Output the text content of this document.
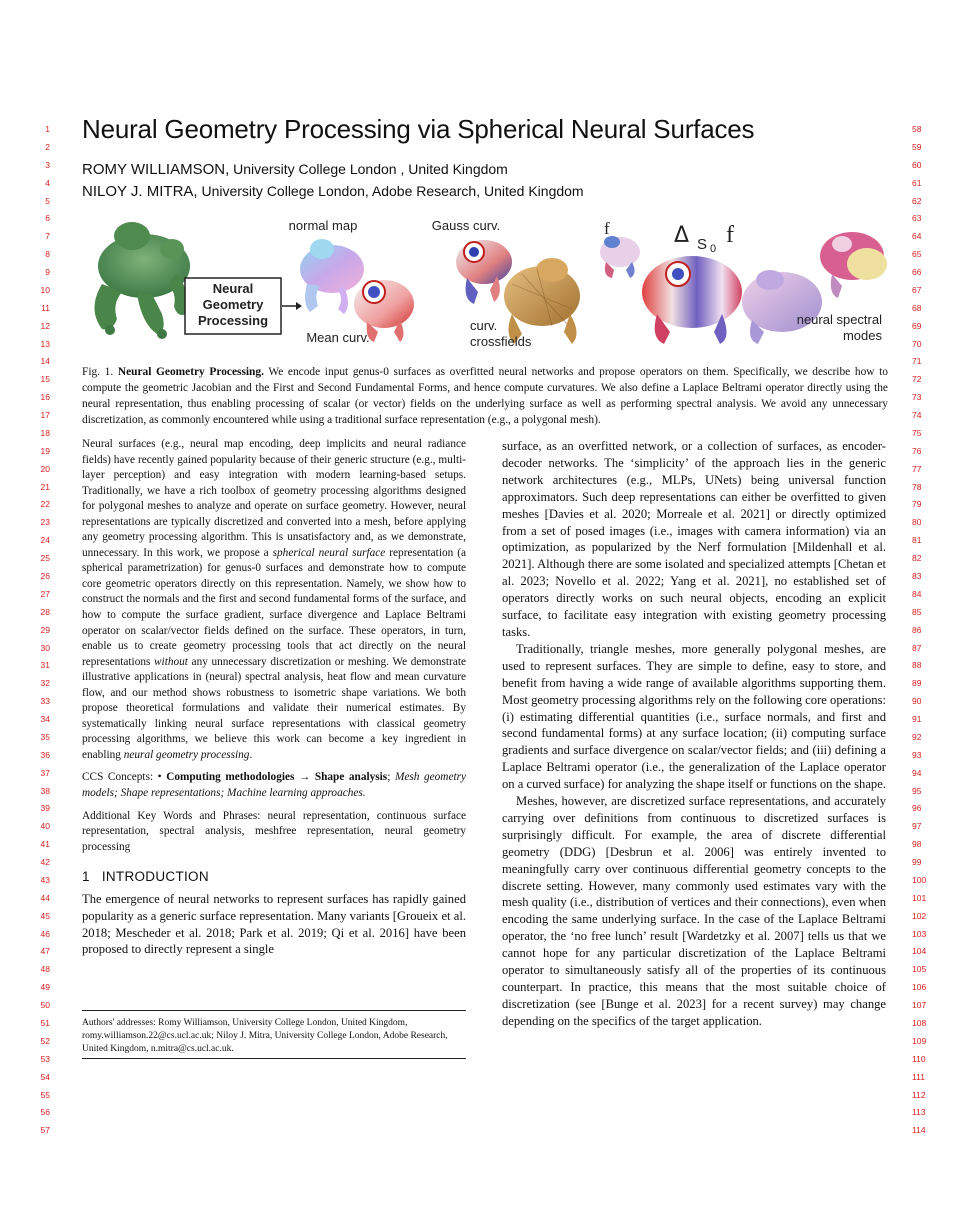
1
2
3
4
5
6
7
8
9
10
11
12
13
14
15
16
17
18
19
20
21
22
23
24
25
26
27
28
29
30
31
32
33
34
35
36
37
38
39
40
41
42
43
44
45
46
47
48
49
50
51
52
53
54
55
56
57
58
59
60
61
62
63
64
65
66
67
68
69
70
71
72
73
74
75
76
77
78
79
80
81
82
83
84
85
86
87
88
89
90
91
92
93
94
95
96
97
98
99
100
101
102
103
104
105
106
107
108
109
110
111
112
113
114
Neural Geometry Processing via Spherical Neural Surfaces
ROMY WILLIAMSON, University College London , United Kingdom
NILOY J. MITRA, University College London, Adobe Research, United Kingdom
Neural
Geometry
Processing
normal map
Mean curv.
Gauss curv.
curv.
crossfields
f	Δ S 0
f
neural spectral
modes
Fig. 1. Neural Geometry Processing. We encode input genus-0 surfaces as overfitted neural networks and propose operators on them. Specifically, we describe how to compute the geometric Jacobian and the First and Second Fundamental Forms, and hence compute curvatures. We also define a Laplace Beltrami operator directly using the neural representation, thus enabling processing of scalar (or vector) fields on the underlying surface as well as performing spectral analysis. We avoid any unnecessary discretization, as commonly encountered while using a traditional surface representation (e.g., a polygonal mesh).

Neural surfaces (e.g., neural map encoding, deep implicits and neural radiance fields) have recently gained popularity because of their generic structure (e.g., multi-layer perception) and easy integration with modern learning-based setups. Traditionally, we have a rich toolbox of geometry processing algorithms designed for polygonal meshes to analyze and operate on surface geometry. However, neural representations are typically discretized and converted into a mesh, before applying any geometry processing algorithm. This is unsatisfactory and, as we demonstrate, unnecessary. In this work, we propose a spherical neural surface representation (a spherical parametrization) for genus-0 surfaces and demonstrate how to compute core geometric operators directly on this representation. Namely, we show how to construct the normals and the first and second fundamental forms of the surface, and how to compute the surface gradient, surface divergence and Laplace Beltrami operator on scalar/vector fields defined on the surface. These operators, in turn, enable us to create geometry processing tools that act directly on the neural representations without any unnecessary discretization or meshing. We demonstrate illustrative applications in (neural) spectral analysis, heat flow and mean curvature flow, and our method shows robustness to isometric shape variations. We both propose theoretical formulations and validate their numerical estimates. By systematically linking neural surface representations with classical geometry processing algorithms, we believe this work can become a key ingredient in enabling neural geometry processing.

CCS Concepts: • Computing methodologies → Shape analysis; Mesh geometry models; Shape representations; Machine learning approaches.

Additional Key Words and Phrases: neural representation, continuous surface representation, spectral analysis, meshfree representation, neural geometry processing

1 INTRODUCTION

The emergence of neural networks to represent surfaces has rapidly gained popularity as a generic surface representation. Many variants [Groueix et al. 2018; Mescheder et al. 2018; Park et al. 2019; Qi et al. 2016] have been proposed to directly represent a single

Authors' addresses: Romy Williamson, University College London, United Kingdom, romy.williamson.22@cs.ucl.ac.uk; Niloy J. Mitra, University College London, Adobe Research, United Kingdom, n.mitra@cs.ucl.ac.uk.

surface, as an overfitted network, or a collection of surfaces, as encoder-decoder networks. The ‘simplicity’ of the approach lies in the generic network architectures (e.g., MLPs, UNets) being universal function approximators. Such deep representations can either be overfitted to given meshes [Davies et al. 2020; Morreale et al. 2021] or directly optimized from a set of posed images (i.e., images with camera information) via an optimization, as popularized by the Nerf formulation [Mildenhall et al. 2021]. Although there are some isolated and specialized attempts [Chetan et al. 2023; Novello et al. 2022; Yang et al. 2021], no established set of operators directly works on such neural objects, encoding an explicit surface, to facilitate easy integration with existing geometry processing tasks.

Traditionally, triangle meshes, more generally polygonal meshes, are used to represent surfaces. They are simple to define, easy to store, and benefit from having a wide range of available algorithms supporting them. Most geometry processing algorithms rely on the following core operations: (i) estimating differential quantities (i.e., surface normals, and first and second fundamental forms) at any surface location; (ii) computing surface gradients and surface divergence on scalar/vector fields; and (iii) defining a Laplace Beltrami operator (i.e., the generalization of the Laplace operator on a curved surface) for analyzing the shape itself or functions on the shape.

Meshes, however, are discretized surface representations, and accurately carrying over definitions from continuous to discretized surfaces is surprisingly difficult. For example, the area of discrete differential geometry (DDG) [Desbrun et al. 2006] was entirely invented to meaningfully carry over continuous differential geometry concepts to the discrete setting. However, many commonly used estimates vary with the mesh quality (i.e., distribution of vertices and their connections), even when encoding the same underlying surface. In the case of the Laplace Beltrami operator, the ‘no free lunch’ result [Wardetzky et al. 2007] tells us that we cannot hope for any particular discretization of the Laplace Beltrami operator to simultaneously satisfy all of the properties of its continuous counterpart. In practice, this means that the most suitable choice of discretization (see [Bunge et al. 2023] for a recent survey) may change depending on the specifics of the target application.
